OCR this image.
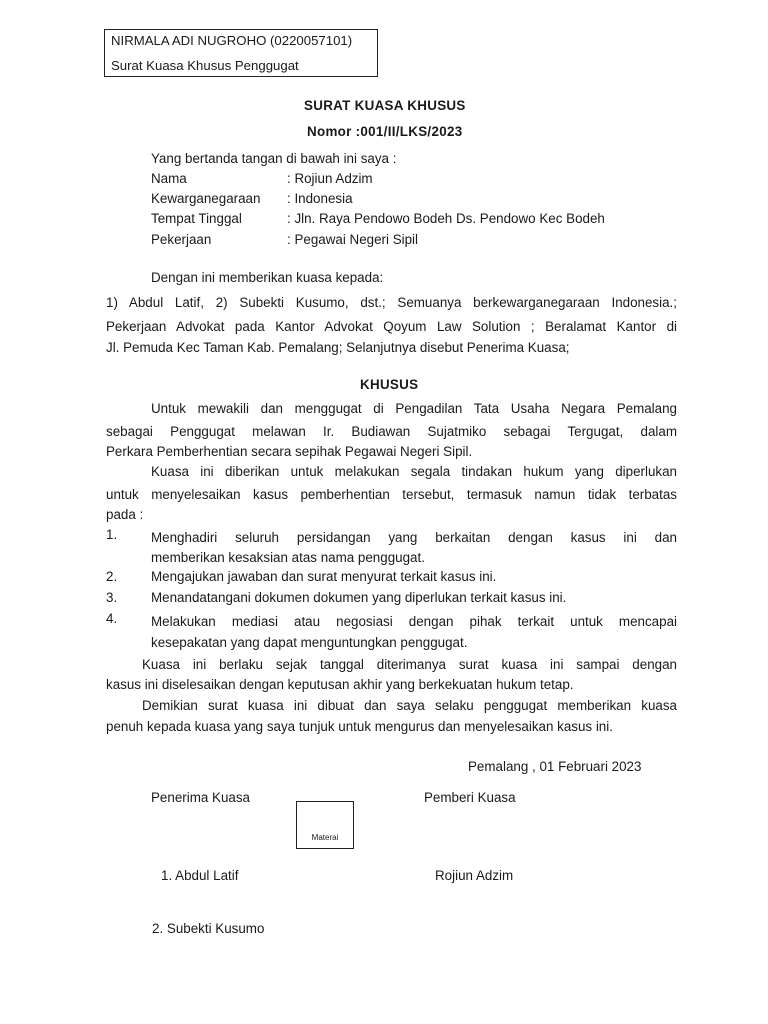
NIRMALA ADI NUGROHO (0220057101)
Surat Kuasa Khusus Penggugat
SURAT KUASA KHUSUS
Nomor :001/II/LKS/2023
Yang bertanda tangan di bawah ini saya :
Nama	: Rojiun Adzim
Kewarganegaraan : Indonesia
Tempat Tinggal	: Jln. Raya Pendowo Bodeh Ds. Pendowo Kec Bodeh
Pekerjaan	: Pegawai Negeri Sipil
Dengan ini memberikan kuasa kepada:
1) Abdul Latif, 2) Subekti Kusumo, dst.; Semuanya berkewarganegaraan Indonesia.;
Pekerjaan Advokat pada Kantor Advokat Qoyum Law Solution ; Beralamat Kantor di
Jl. Pemuda Kec Taman Kab. Pemalang; Selanjutnya disebut Penerima Kuasa;
KHUSUS
Untuk mewakili dan menggugat di Pengadilan Tata Usaha Negara Pemalang
sebagai Penggugat melawan Ir. Budiawan Sujatmiko sebagai Tergugat, dalam
Perkara Pemberhentian secara sepihak Pegawai Negeri Sipil.
Kuasa ini diberikan untuk melakukan segala tindakan hukum yang diperlukan
untuk menyelesaikan kasus pemberhentian tersebut, termasuk namun tidak terbatas
pada :
1.	Menghadiri seluruh persidangan yang berkaitan dengan kasus ini dan
memberikan kesaksian atas nama penggugat.
2.	Mengajukan jawaban dan surat menyurat terkait kasus ini.
3.	Menandatangani dokumen dokumen yang diperlukan terkait kasus ini.
4.	Melakukan mediasi atau negosiasi dengan pihak terkait untuk mencapai
kesepakatan yang dapat menguntungkan penggugat.
Kuasa ini berlaku sejak tanggal diterimanya surat kuasa ini sampai dengan
kasus ini diselesaikan dengan keputusan akhir yang berkekuatan hukum tetap.
Demikian surat kuasa ini dibuat dan saya selaku penggugat memberikan kuasa
penuh kepada kuasa yang saya tunjuk untuk mengurus dan menyelesaikan kasus ini.
Pemalang , 01 Februari 2023
Penerima Kuasa	Pemberi Kuasa
Materai
1. Abdul Latif	Rojiun Adzim
2. Subekti Kusumo
